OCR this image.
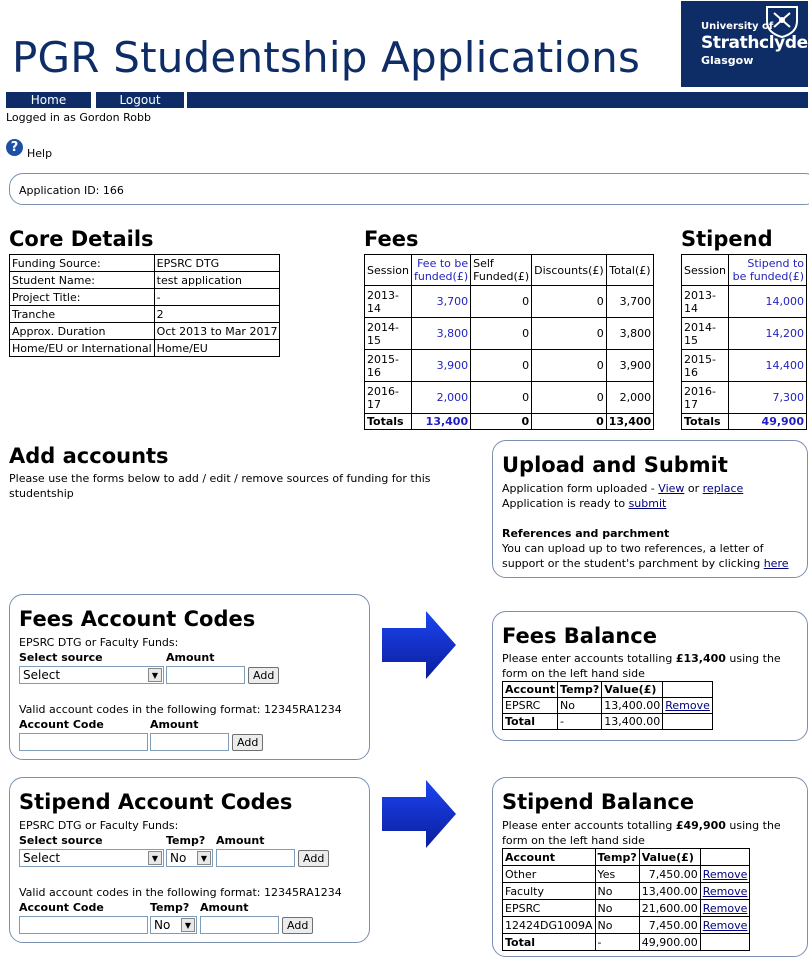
PGR Studentship Applications
University of
Strathclyde
Glasgow
Home	Logout
Logged in as Gordon Robb
? Help
Application ID: 166
Core Details
Funding Source:	EPSRC DTG
Student Name:	test application
Project Title:	-
Tranche	2
Approx. Duration	Oct 2013 to Mar 2017
Home/EU or International	Home/EU
Fees
Session	Fee to be funded(£)	Self Funded(£)	Discounts(£)	Total(£)
2013-14	3,700	0	0	3,700
2014-15	3,800	0	0	3,800
2015-16	3,900	0	0	3,900
2016-17	2,000	0	0	2,000
Totals	13,400	0	0	13,400
Stipend
Session	Stipend to be funded(£)
2013-14	14,000
2014-15	14,200
2015-16	14,400
2016-17	7,300
Totals	49,900
Add accounts
Please use the forms below to add / edit / remove sources of funding for this studentship
Upload and Submit

Application form uploaded - View or replace

Application is ready to submit

References and parchment

You can upload up to two references, a letter of support or the student's parchment by clicking here

Fees Account Codes
EPSRC DTG or Faculty Funds:
Select source	Amount
Select	▼	Add
Valid account codes in the following format: 12345RA1234
Account Code	Amount
Add
Fees Balance
Please enter accounts totalling £13,400 using the form on the left hand side
Account	Temp?	Value(£)	
EPSRC	No	13,400.00	Remove
Total	-	13,400.00	
Stipend Account Codes
EPSRC DTG or Faculty Funds:
Select source	Temp? Amount
Select	▼ No	▼	Add
Valid account codes in the following format: 12345RA1234
Account Code	Temp? Amount
No	▼	Add
Stipend Balance
Please enter accounts totalling £49,900 using the form on the left hand side
Account	Temp?	Value(£)	
Other	Yes	7,450.00	Remove
Faculty	No	13,400.00	Remove
EPSRC	No	21,600.00	Remove
12424DG1009A	No	7,450.00	Remove
Total	-	49,900.00	
